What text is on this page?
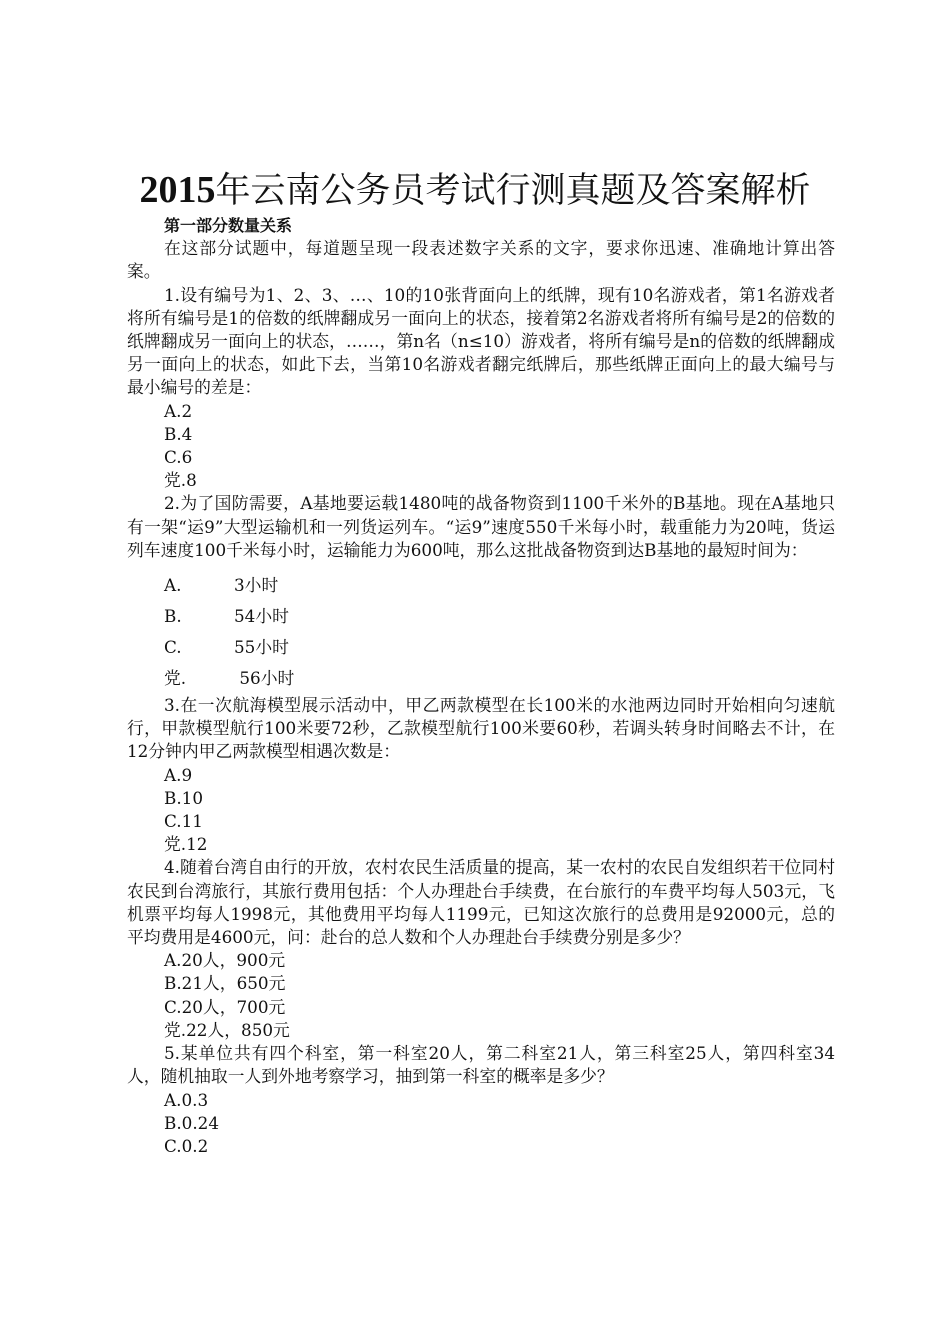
2015年云南公务员考试行测真题及答案解析

第一部分数量关系

在这部分试题中，每道题呈现一段表述数字关系的文字，要求你迅速、准确地计算出答案。

1.设有编号为1、2、3、…、10的10张背面向上的纸牌，现有10名游戏者，第1名游戏者将所有编号是1的倍数的纸牌翻成另一面向上的状态，接着第2名游戏者将所有编号是2的倍数的纸牌翻成另一面向上的状态，……，第n名（n≤10）游戏者，将所有编号是n的倍数的纸牌翻成另一面向上的状态，如此下去，当第10名游戏者翻完纸牌后，那些纸牌正面向上的最大编号与最小编号的差是：

A.2

B.4

C.6

党.8

2.为了国防需要，A基地要运载1480吨的战备物资到1100千米外的B基地。现在A基地只有一架“运9”大型运输机和一列货运列车。“运9”速度550千米每小时，载重能力为20吨，货运列车速度100千米每小时，运输能力为600吨，那么这批战备物资到达B基地的最短时间为：

A.	3小时

B.	54小时

C.	55小时

党.	56小时

3.在一次航海模型展示活动中，甲乙两款模型在长100米的水池两边同时开始相向匀速航行，甲款模型航行100米要72秒，乙款模型航行100米要60秒，若调头转身时间略去不计，在12分钟内甲乙两款模型相遇次数是：

A.9

B.10

C.11

党.12

4.随着台湾自由行的开放，农村农民生活质量的提高，某一农村的农民自发组织若干位同村农民到台湾旅行，其旅行费用包括：个人办理赴台手续费，在台旅行的车费平均每人503元，飞机票平均每人1998元，其他费用平均每人1199元，已知这次旅行的总费用是92000元，总的平均费用是4600元，问：赴台的总人数和个人办理赴台手续费分别是多少？

A.20人，900元

B.21人，650元

C.20人，700元

党.22人，850元

5.某单位共有四个科室，第一科室20人，第二科室21人，第三科室25人，第四科室34人，随机抽取一人到外地考察学习，抽到第一科室的概率是多少？

A.0.3

B.0.24

C.0.2
